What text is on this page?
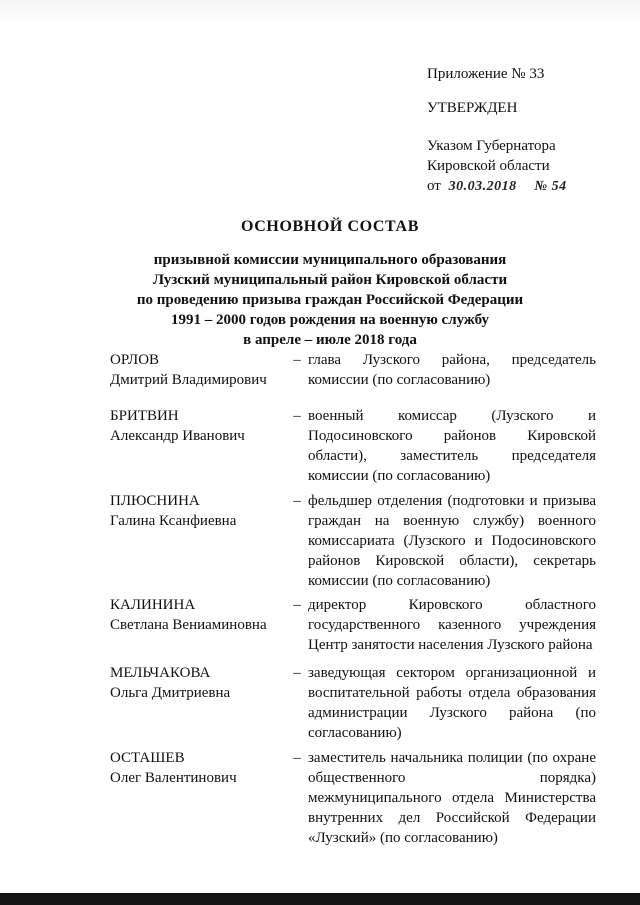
Приложение № 33
УТВЕРЖДЕН
Указом Губернатора
Кировской области
от 30.03.2018 № 54
ОСНОВНОЙ СОСТАВ
призывной комиссии муниципального образования
Лузский муниципальный район Кировской области
по проведению призыва граждан Российской Федерации
1991 – 2000 годов рождения на военную службу
в апреле – июле 2018 года
ОРЛОВ
Дмитрий Владимирович
– глава Лузского района, председатель комиссии (по согласованию)
БРИТВИН
Александр Иванович
– военный комиссар (Лузского и Подосиновского районов Кировской области), заместитель председателя комиссии (по согласованию)
ПЛЮСНИНА
Галина Ксанфиевна
– фельдшер отделения (подготовки и призыва граждан на военную службу) военного комиссариата (Лузского и Подосиновского районов Кировской области), секретарь комиссии (по согласованию)
КАЛИНИНА
Светлана Вениаминовна
– директор Кировского областного государственного казенного учреждения Центр занятости населения Лузского района
МЕЛЬЧАКОВА
Ольга Дмитриевна
– заведующая сектором организационной и воспитательной работы отдела образования администрации Лузского района (по согласованию)
ОСТАШЕВ
Олег Валентинович
– заместитель начальника полиции (по охране общественного порядка) межмуниципального отдела Министерства внутренних дел Российской Федерации «Лузский» (по согласованию)
